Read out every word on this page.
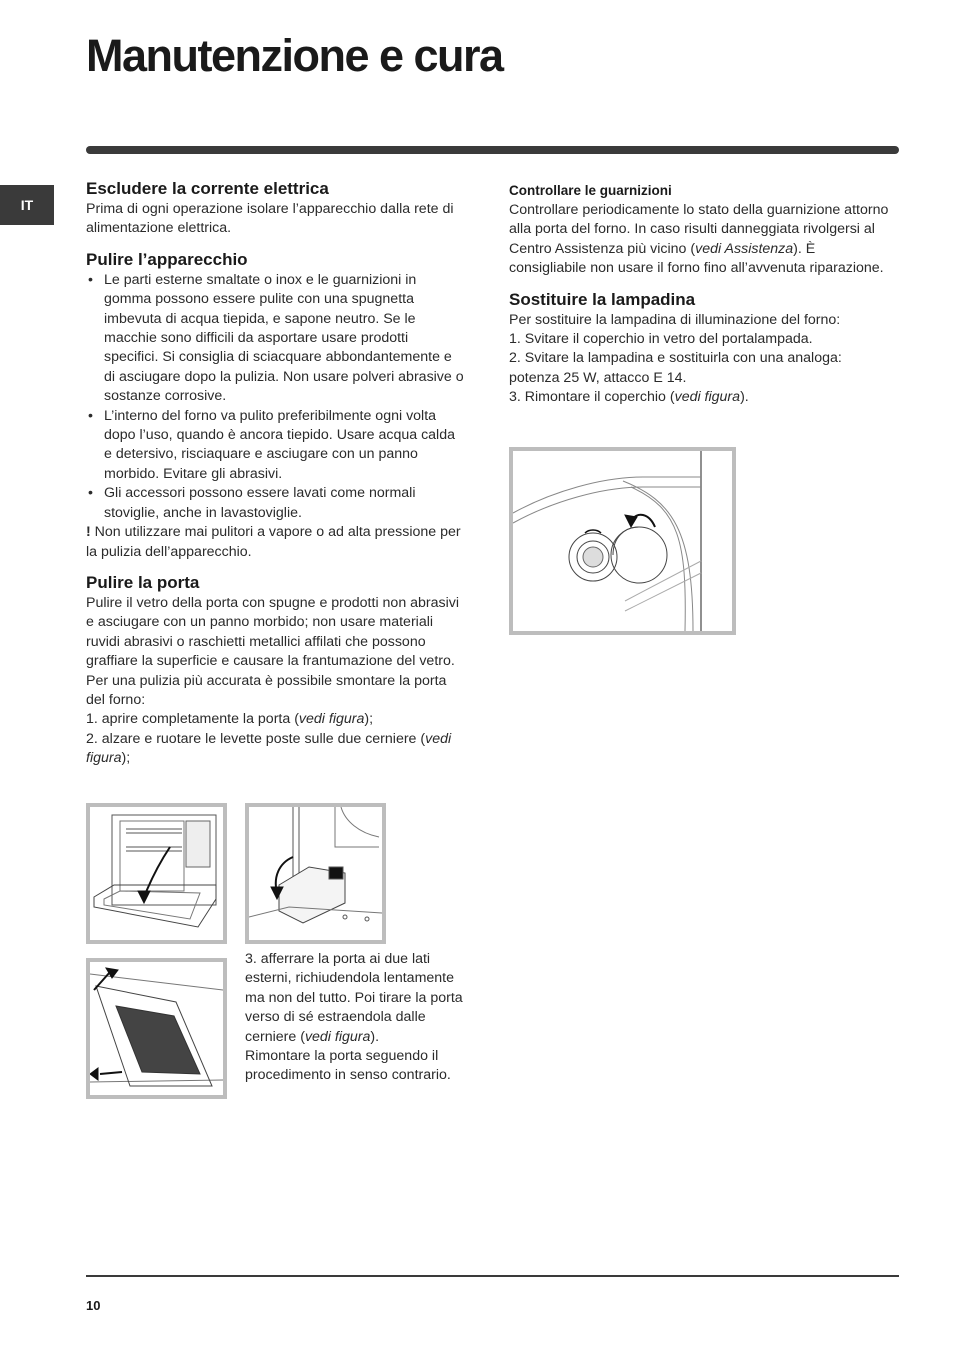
Manutenzione e cura
IT
Escludere la corrente elettrica

Prima di ogni operazione isolare l’apparecchio dalla rete di alimentazione elettrica.

Pulire l’apparecchio
• Le parti esterne smaltate o inox e le guarnizioni in gomma possono essere pulite con una spugnetta imbevuta di acqua tiepida, e sapone neutro. Se le macchie sono difficili da asportare usare prodotti specifici. Si consiglia di sciacquare abbondantemente e di asciugare dopo la pulizia. Non usare polveri abrasive o sostanze corrosive.
• L’interno del forno va pulito preferibilmente ogni volta dopo l’uso, quando è ancora tiepido. Usare acqua calda e detersivo, risciaquare e asciugare con un panno morbido. Evitare gli abrasivi.
• Gli accessori possono essere lavati come normali stoviglie, anche in lavastoviglie.

! Non utilizzare mai pulitori a vapore o ad alta pressione per la pulizia dell’apparecchio.

Pulire la porta

Pulire il vetro della porta con spugne e prodotti non abrasivi e asciugare con un panno morbido; non usare materiali ruvidi abrasivi o raschietti metallici affilati che possono graffiare la superficie e causare la frantumazione del vetro.

Per una pulizia più accurata è possibile smontare la porta del forno:

1. aprire completamente la porta (vedi figura);

2. alzare e ruotare le levette poste sulle due cerniere (vedi figura);

3. afferrare la porta ai due lati esterni, richiudendola lentamente ma non del tutto. Poi tirare la porta verso di sé estraendola dalle cerniere (vedi figura).

Rimontare la porta seguendo il procedimento in senso contrario.

Controllare le guarnizioni

Controllare periodicamente lo stato della guarnizione attorno alla porta del forno. In caso risulti danneggiata rivolgersi al Centro Assistenza più vicino (vedi Assistenza). È consigliabile non usare il forno fino all’avvenuta riparazione.

Sostituire la lampadina

Per sostituire la lampadina di illuminazione del forno:

1. Svitare il coperchio in vetro del portalampada.

2. Svitare la lampadina e sostituirla con una analoga: potenza 25 W, attacco E 14.

3. Rimontare il coperchio (vedi figura).

10
